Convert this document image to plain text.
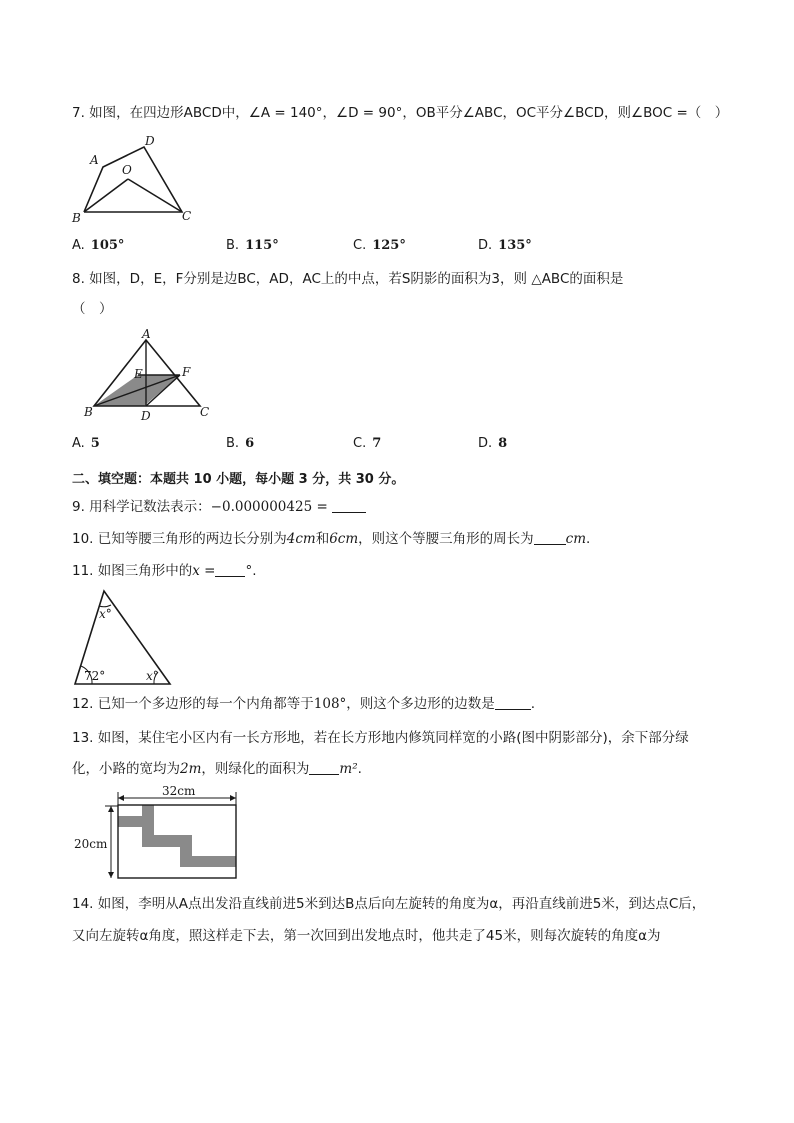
7. 如图，在四边形ABCD中，∠A = 140°，∠D = 90°，OB平分∠ABC，OC平分∠BCD，则∠BOC =（　）
A
B	C
D
O
A. 105°	B. 115°	C. 125°	D. 135°
8. 如图，D，E，F分别是边BC，AD，AC上的中点，若S阴影的面积为3，则 △ABC的面积是
（　）
A
B	C
D
E	F
A. 5	B. 6	C. 7	D. 8
二、填空题：本题共 10 小题，每小题 3 分，共 30 分。
9. 用科学记数法表示：−0.000000425 =
10. 已知等腰三角形的两边长分别为4cm和6cm，则这个等腰三角形的周长为 cm.
11. 如图三角形中的x = °.
x°
72°	x°
12. 已知一个多边形的每一个内角都等于108°，则这个多边形的边数是	.
13. 如图，某住宅小区内有一长方形地，若在长方形地内修筑同样宽的小路(图中阴影部分)，余下部分绿
化，小路的宽均为2m，则绿化的面积为 m².
32cm
20cm
14. 如图，李明从A点出发沿直线前进5米到达B点后向左旋转的角度为α，再沿直线前进5米，到达点C后，
又向左旋转α角度，照这样走下去，第一次回到出发地点时，他共走了45米，则每次旋转的角度α为
